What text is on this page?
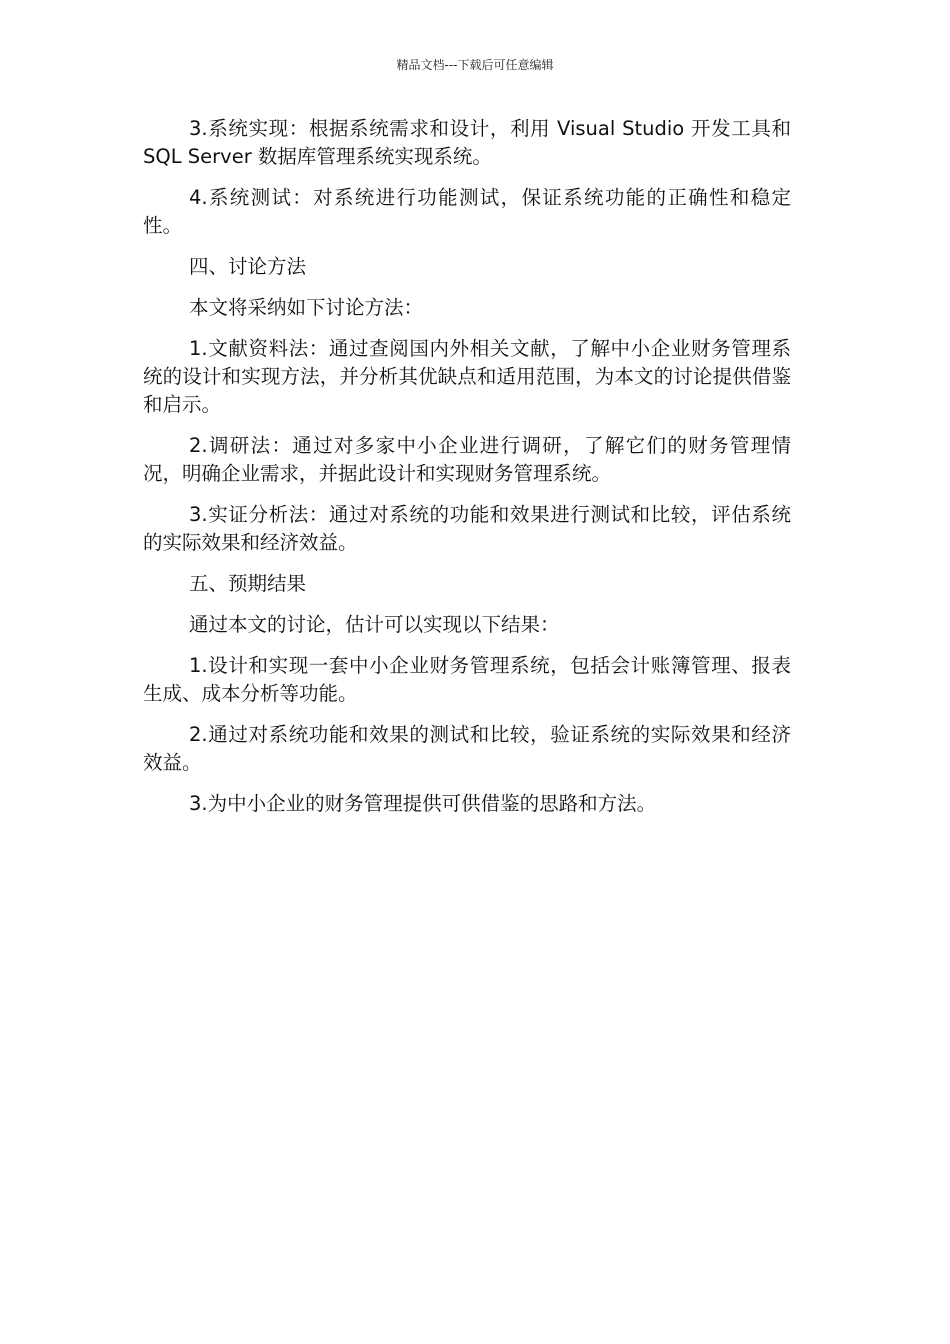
精品文档---下载后可任意编辑

3.系统实现：根据系统需求和设计，利用 Visual Studio 开发工具和 SQL Server 数据库管理系统实现系统。

4.系统测试：对系统进行功能测试，保证系统功能的正确性和稳定性。

四、讨论方法

本文将采纳如下讨论方法：

1.文献资料法：通过查阅国内外相关文献，了解中小企业财务管理系统的设计和实现方法，并分析其优缺点和适用范围，为本文的讨论提供借鉴和启示。

2.调研法：通过对多家中小企业进行调研，了解它们的财务管理情况，明确企业需求，并据此设计和实现财务管理系统。

3.实证分析法：通过对系统的功能和效果进行测试和比较，评估系统的实际效果和经济效益。

五、预期结果

通过本文的讨论，估计可以实现以下结果：

1.设计和实现一套中小企业财务管理系统，包括会计账簿管理、报表生成、成本分析等功能。

2.通过对系统功能和效果的测试和比较，验证系统的实际效果和经济效益。

3.为中小企业的财务管理提供可供借鉴的思路和方法。
